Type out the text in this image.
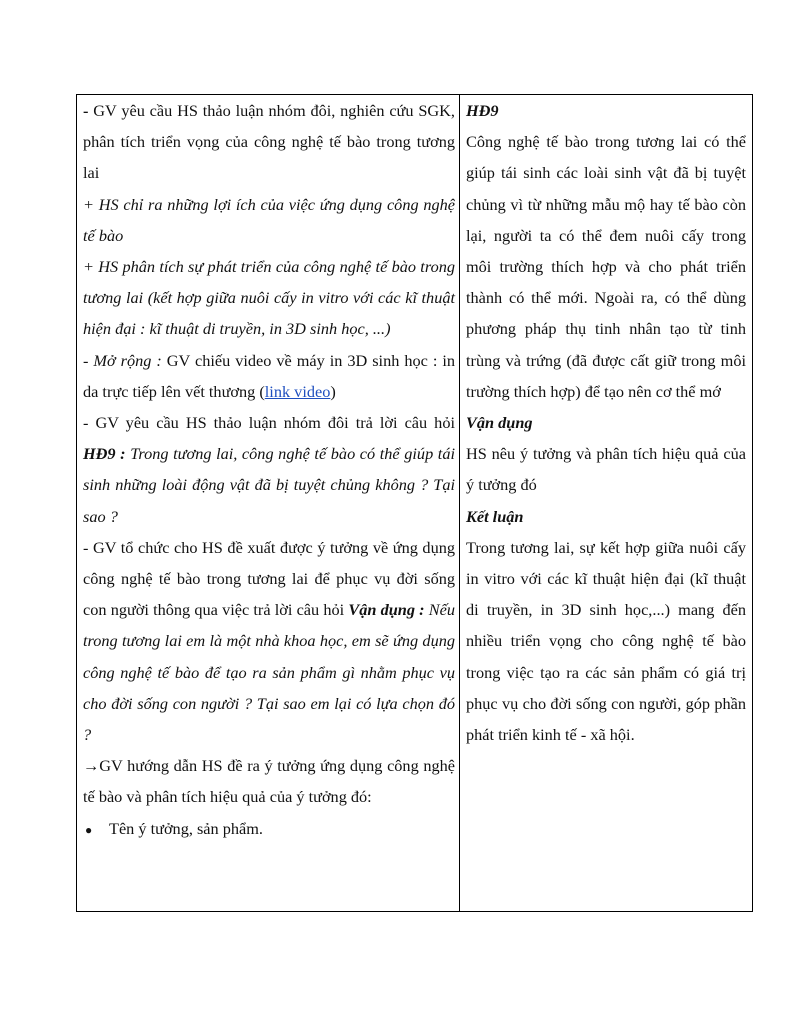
- GV yêu cầu HS thảo luận nhóm đôi, nghiên cứu SGK, phân tích triển vọng của công nghệ tế bào trong tương lai

+ HS chỉ ra những lợi ích của việc ứng dụng công nghệ tế bào

+ HS phân tích sự phát triển của công nghệ tế bào trong tương lai (kết hợp giữa nuôi cấy in vitro với các kĩ thuật hiện đại : kĩ thuật di truyền, in 3D sinh học, ...)

- Mở rộng : GV chiếu video về máy in 3D sinh học : in da trực tiếp lên vết thương (link video)

- GV yêu cầu HS thảo luận nhóm đôi trả lời câu hỏi HĐ9 : Trong tương lai, công nghệ tế bào có thể giúp tái sinh những loài động vật đã bị tuyệt chủng không ? Tại sao ?

- GV tổ chức cho HS đề xuất được ý tưởng về ứng dụng công nghệ tế bào trong tương lai để phục vụ đời sống con người thông qua việc trả lời câu hỏi Vận dụng : Nếu trong tương lai em là một nhà khoa học, em sẽ ứng dụng công nghệ tế bào để tạo ra sản phẩm gì nhằm phục vụ cho đời sống con người ? Tại sao em lại có lựa chọn đó ?

→GV hướng dẫn HS đề ra ý tưởng ứng dụng công nghệ tế bào và phân tích hiệu quả của ý tưởng đó:

●	Tên ý tưởng, sản phẩm.

HĐ9

Công nghệ tế bào trong tương lai có thể giúp tái sinh các loài sinh vật đã bị tuyệt chủng vì từ những mẫu mộ hay tế bào còn lại, người ta có thể đem nuôi cấy trong môi trường thích hợp và cho phát triển thành có thể mới. Ngoài ra, có thể dùng phương pháp thụ tinh nhân tạo từ tinh trùng và trứng (đã được cất giữ trong môi trường thích hợp) để tạo nên cơ thể mớ

Vận dụng

HS nêu ý tưởng và phân tích hiệu quả của ý tưởng đó

Kết luận

Trong tương lai, sự kết hợp giữa nuôi cấy in vitro với các kĩ thuật hiện đại (kĩ thuật di truyền, in 3D sinh học,...) mang đến nhiều triển vọng cho công nghệ tế bào trong việc tạo ra các sản phẩm có giá trị phục vụ cho đời sống con người, góp phần phát triển kinh tế - xã hội.
